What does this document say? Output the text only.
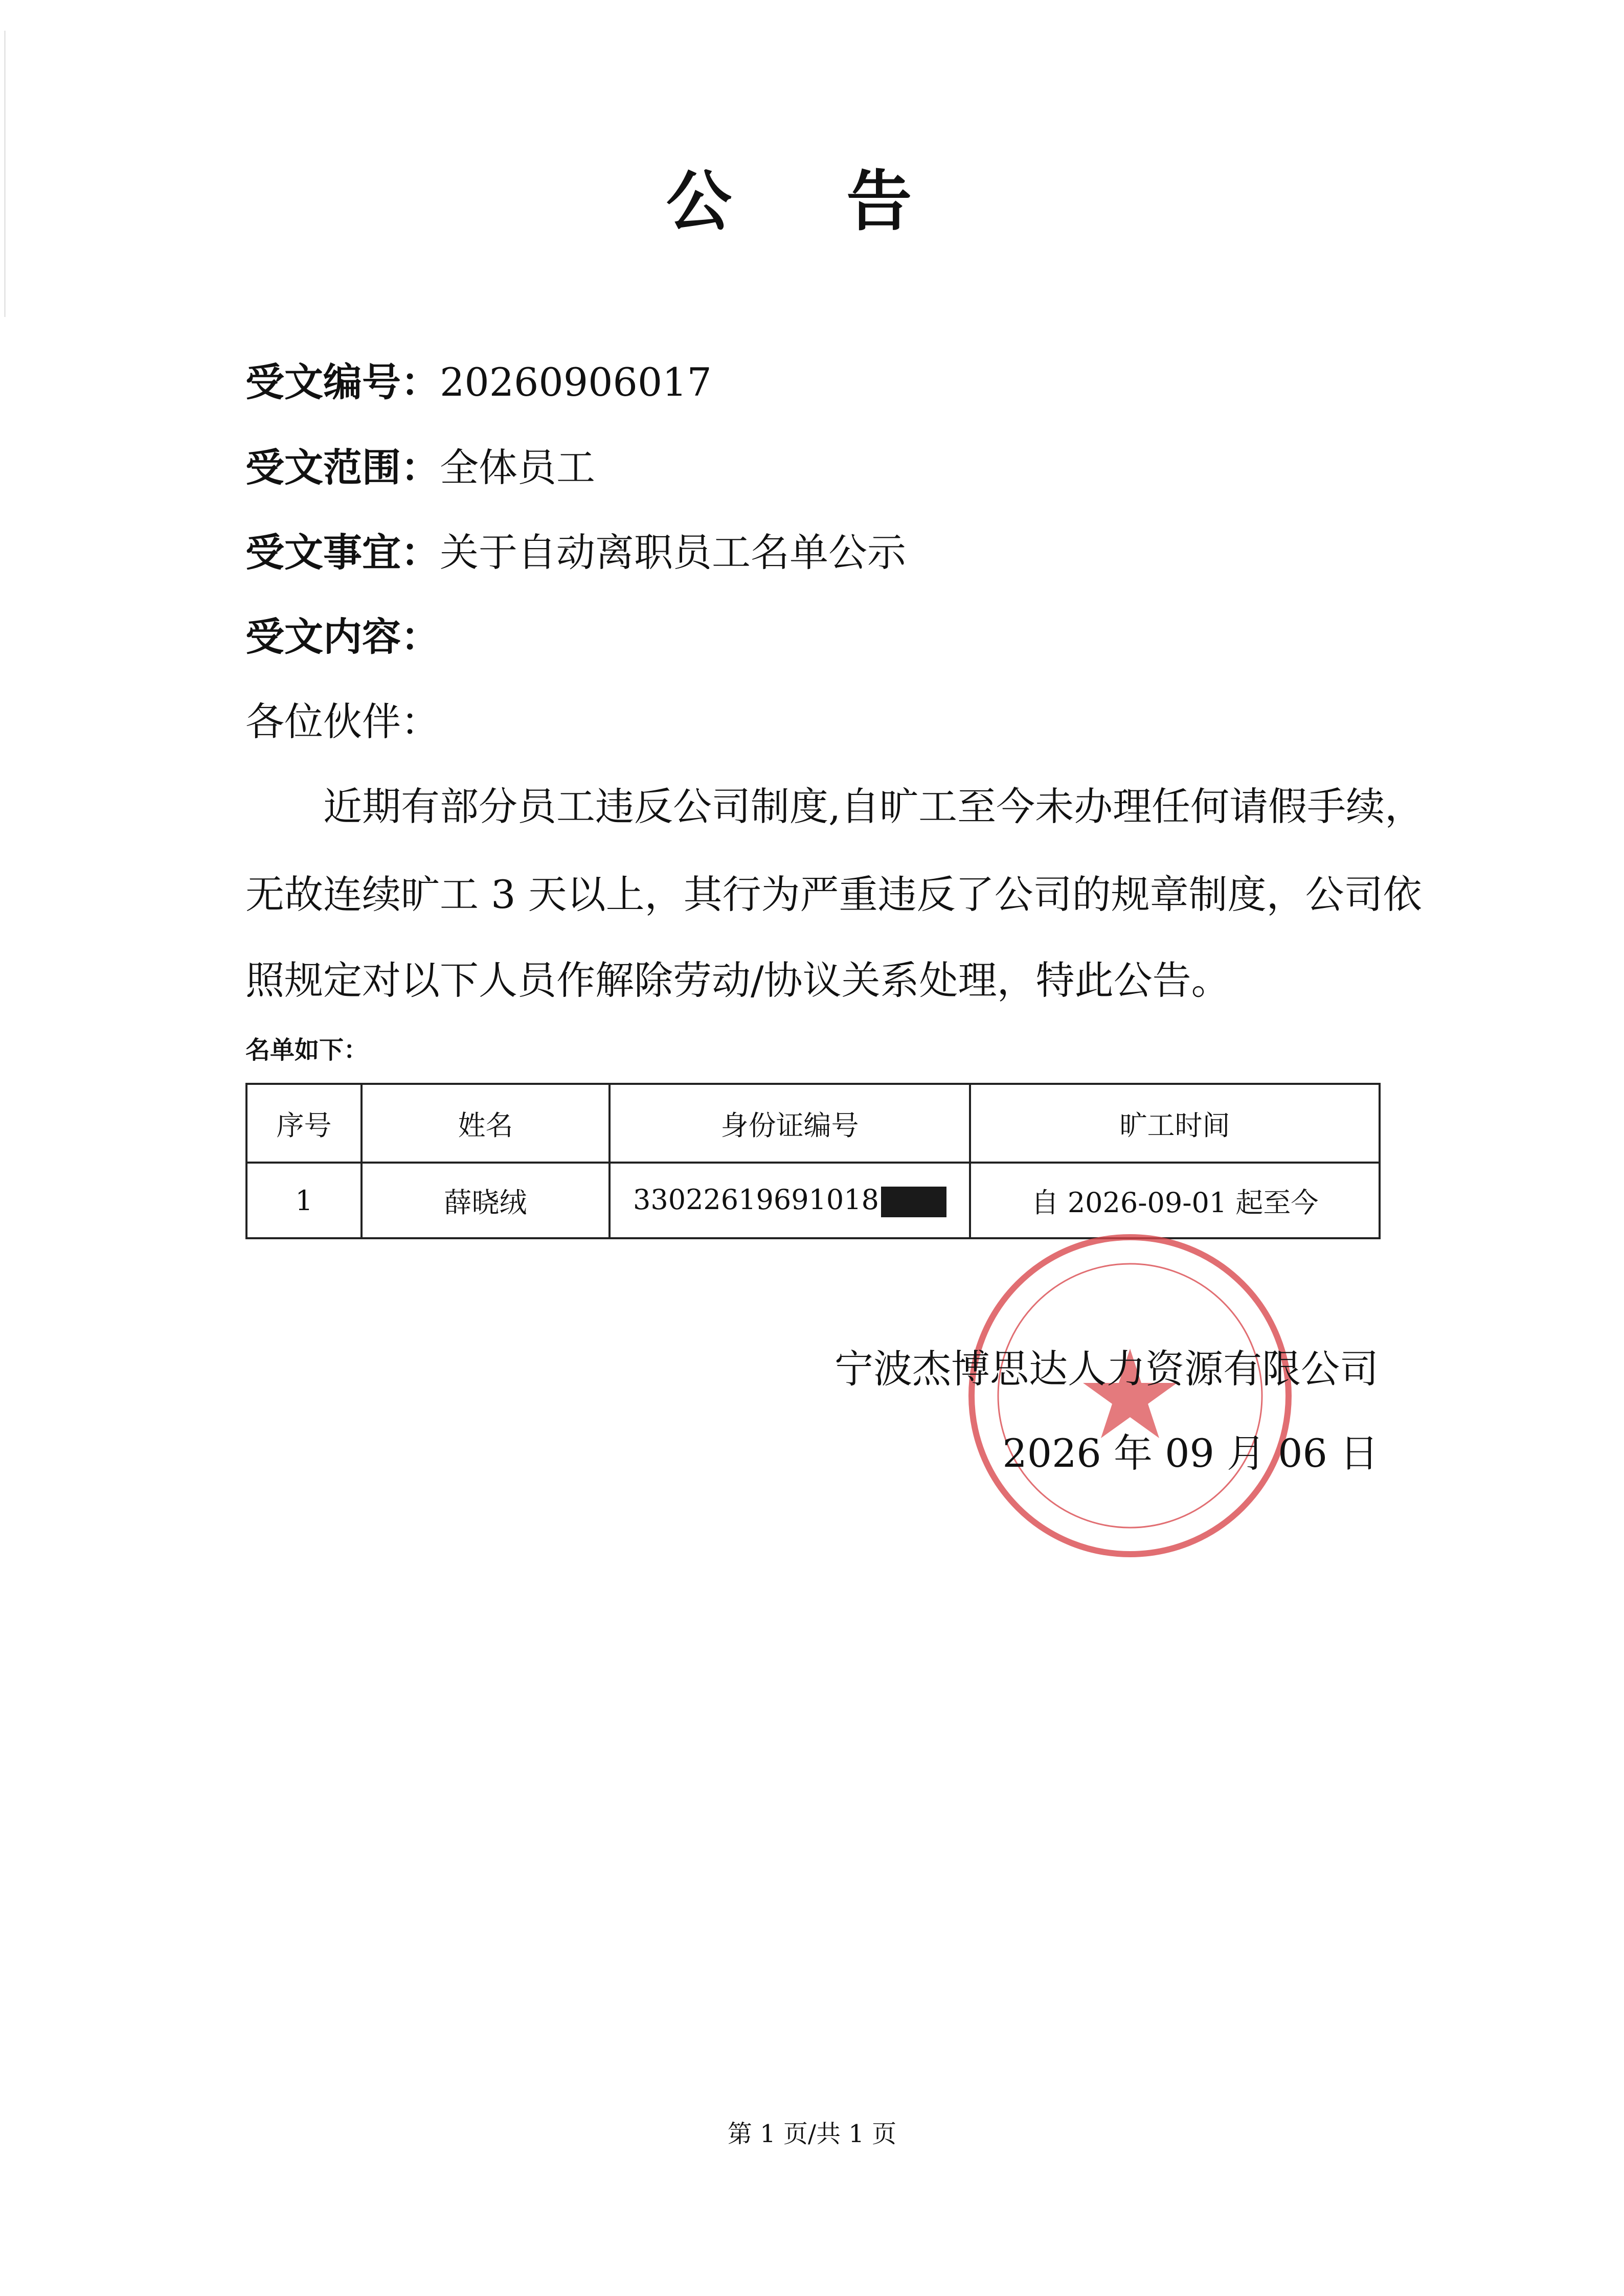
公 告
受文编号：20260906017
受文范围：全体员工
受文事宜：关于自动离职员工名单公示
受文内容：
各位伙伴：
近期有部分员工违反公司制度,自旷工至今未办理任何请假手续，
无故连续旷工 3 天以上，其行为严重违反了公司的规章制度，公司依
照规定对以下人员作解除劳动/协议关系处理，特此公告。
名单如下：
序号	姓名	身份证编号	旷工时间
1	薛晓绒	33022619691018	自 2026-09-01 起至今
宁波杰博思达人力资源有限公司
2026 年 09 月 06 日
第 1 页/共 1 页
